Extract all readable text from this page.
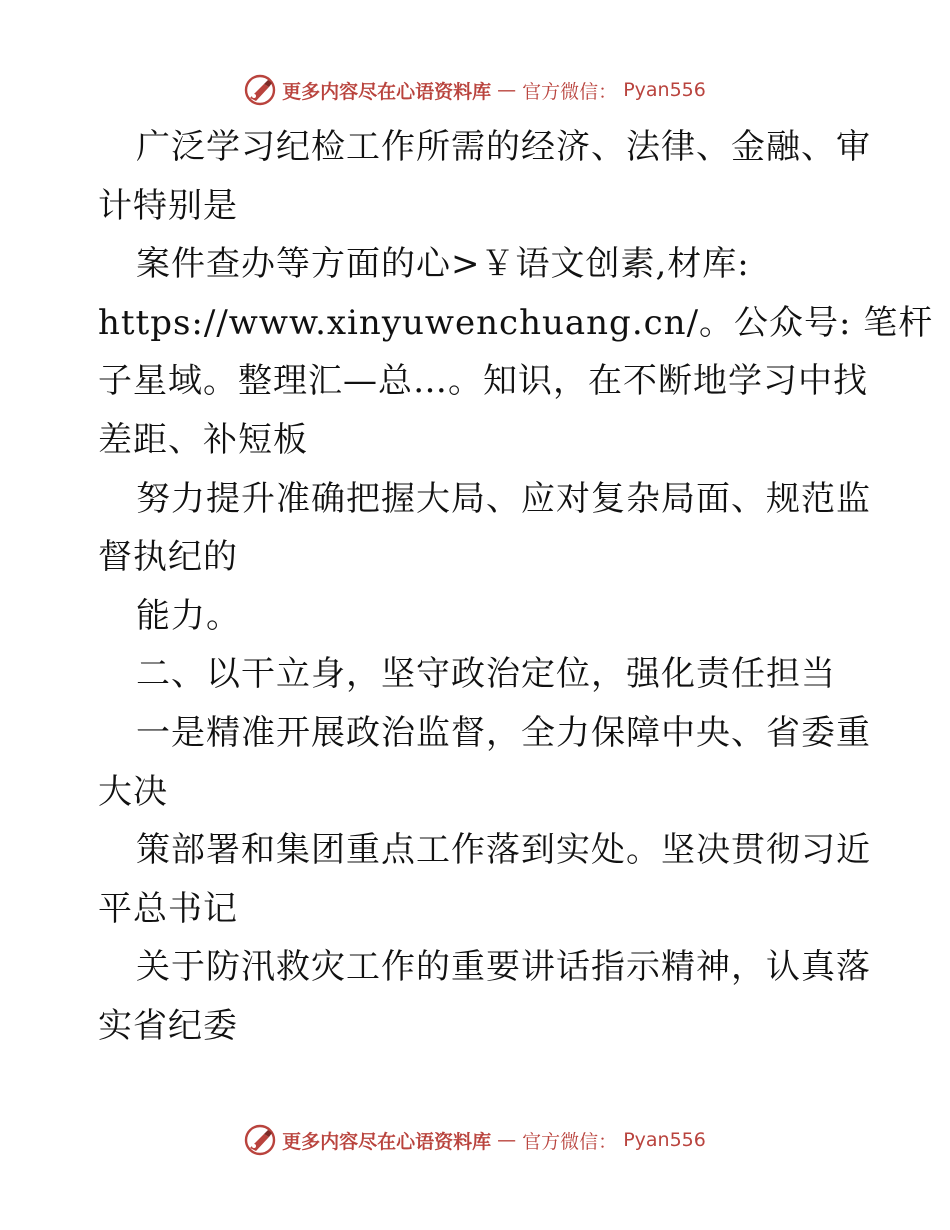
更多内容尽在心语资料库 — 官方微信： Pyan556
广泛学习纪检工作所需的经济、法律、金融、审
计特别是
案件查办等方面的心>￥语文创素,材库:
https://www.xinyuwenchuang.cn/。公众号: 笔杆
子星域。整理汇—总…。知识，在不断地学习中找
差距、补短板
努力提升准确把握大局、应对复杂局面、规范监
督执纪的
能力。
二、以干立身，坚守政治定位，强化责任担当
一是精准开展政治监督，全力保障中央、省委重
大决
策部署和集团重点工作落到实处。坚决贯彻习近
平总书记
关于防汛救灾工作的重要讲话指示精神，认真落
实省纪委
更多内容尽在心语资料库 — 官方微信： Pyan556
